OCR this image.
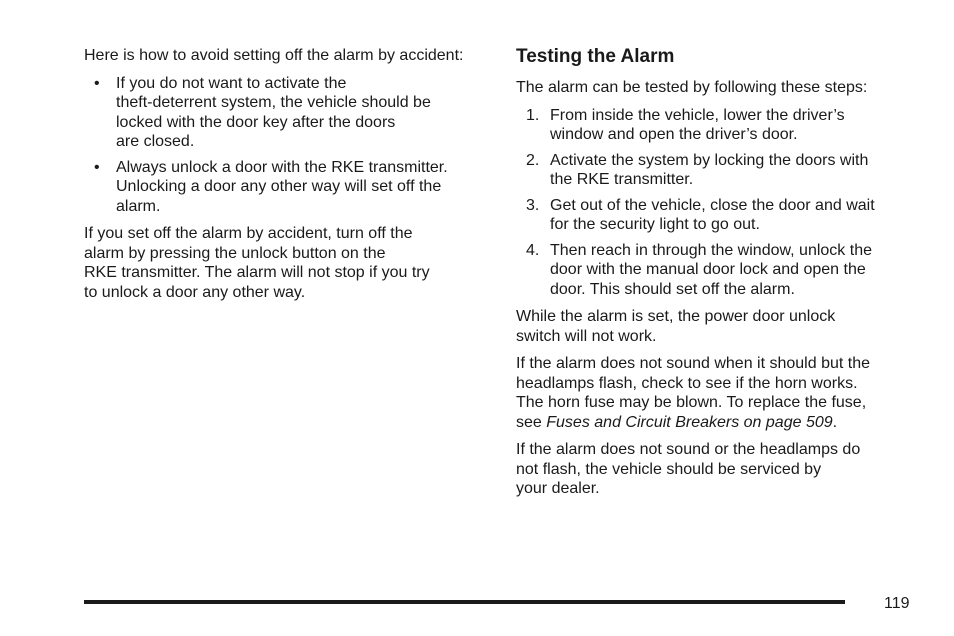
Here is how to avoid setting off the alarm by accident:

• If you do not want to activate the
theft-deterrent system, the vehicle should be
locked with the door key after the doors
are closed.
• Always unlock a door with the RKE transmitter.
Unlocking a door any other way will set off the
alarm.

If you set off the alarm by accident, turn off the
alarm by pressing the unlock button on the
RKE transmitter. The alarm will not stop if you try
to unlock a door any other way.

Testing the Alarm

The alarm can be tested by following these steps:

1. From inside the vehicle, lower the driver’s
window and open the driver’s door.
2. Activate the system by locking the doors with
the RKE transmitter.
3. Get out of the vehicle, close the door and wait
for the security light to go out.
4. Then reach in through the window, unlock the
door with the manual door lock and open the
door. This should set off the alarm.

While the alarm is set, the power door unlock
switch will not work.

If the alarm does not sound when it should but the
headlamps flash, check to see if the horn works.
The horn fuse may be blown. To replace the fuse,
see Fuses and Circuit Breakers on page 509.

If the alarm does not sound or the headlamps do
not flash, the vehicle should be serviced by
your dealer.

119
